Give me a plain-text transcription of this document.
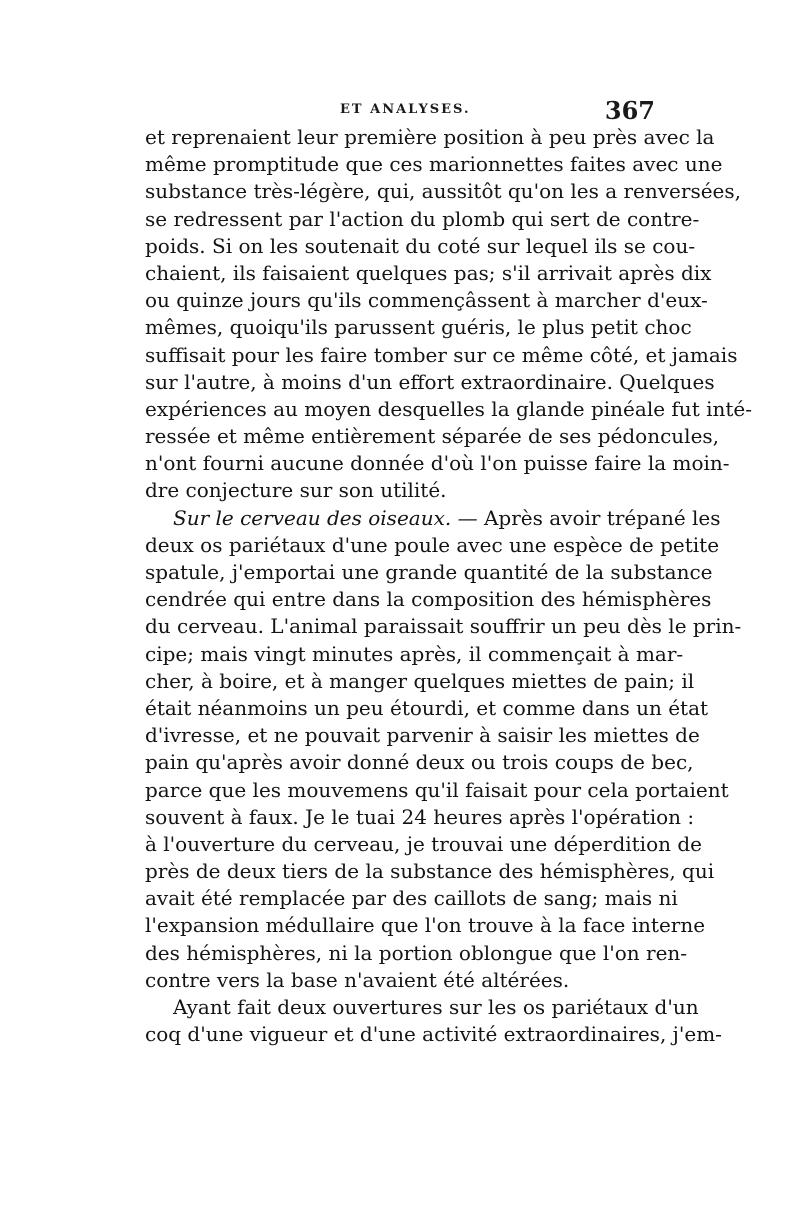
ET ANALYSES.	367
et reprenaient leur première position à peu près avec la
même promptitude que ces marionnettes faites avec une
substance très-légère, qui, aussitôt qu'on les a renversées,
se redressent par l'action du plomb qui sert de contre-
poids. Si on les soutenait du coté sur lequel ils se cou-
chaient, ils faisaient quelques pas; s'il arrivait après dix
ou quinze jours qu'ils commençâssent à marcher d'eux-
mêmes, quoiqu'ils parussent guéris, le plus petit choc
suffisait pour les faire tomber sur ce même côté, et jamais
sur l'autre, à moins d'un effort extraordinaire. Quelques
expériences au moyen desquelles la glande pinéale fut inté-
ressée et même entièrement séparée de ses pédoncules,
n'ont fourni aucune donnée d'où l'on puisse faire la moin-
dre conjecture sur son utilité.
Sur le cerveau des oiseaux. — Après avoir trépané les
deux os pariétaux d'une poule avec une espèce de petite
spatule, j'emportai une grande quantité de la substance
cendrée qui entre dans la composition des hémisphères
du cerveau. L'animal paraissait souffrir un peu dès le prin-
cipe; mais vingt minutes après, il commençait à mar-
cher, à boire, et à manger quelques miettes de pain; il
était néanmoins un peu étourdi, et comme dans un état
d'ivresse, et ne pouvait parvenir à saisir les miettes de
pain qu'après avoir donné deux ou trois coups de bec,
parce que les mouvemens qu'il faisait pour cela portaient
souvent à faux. Je le tuai 24 heures après l'opération :
à l'ouverture du cerveau, je trouvai une déperdition de
près de deux tiers de la substance des hémisphères, qui
avait été remplacée par des caillots de sang; mais ni
l'expansion médullaire que l'on trouve à la face interne
des hémisphères, ni la portion oblongue que l'on ren-
contre vers la base n'avaient été altérées.
Ayant fait deux ouvertures sur les os pariétaux d'un
coq d'une vigueur et d'une activité extraordinaires, j'em-
